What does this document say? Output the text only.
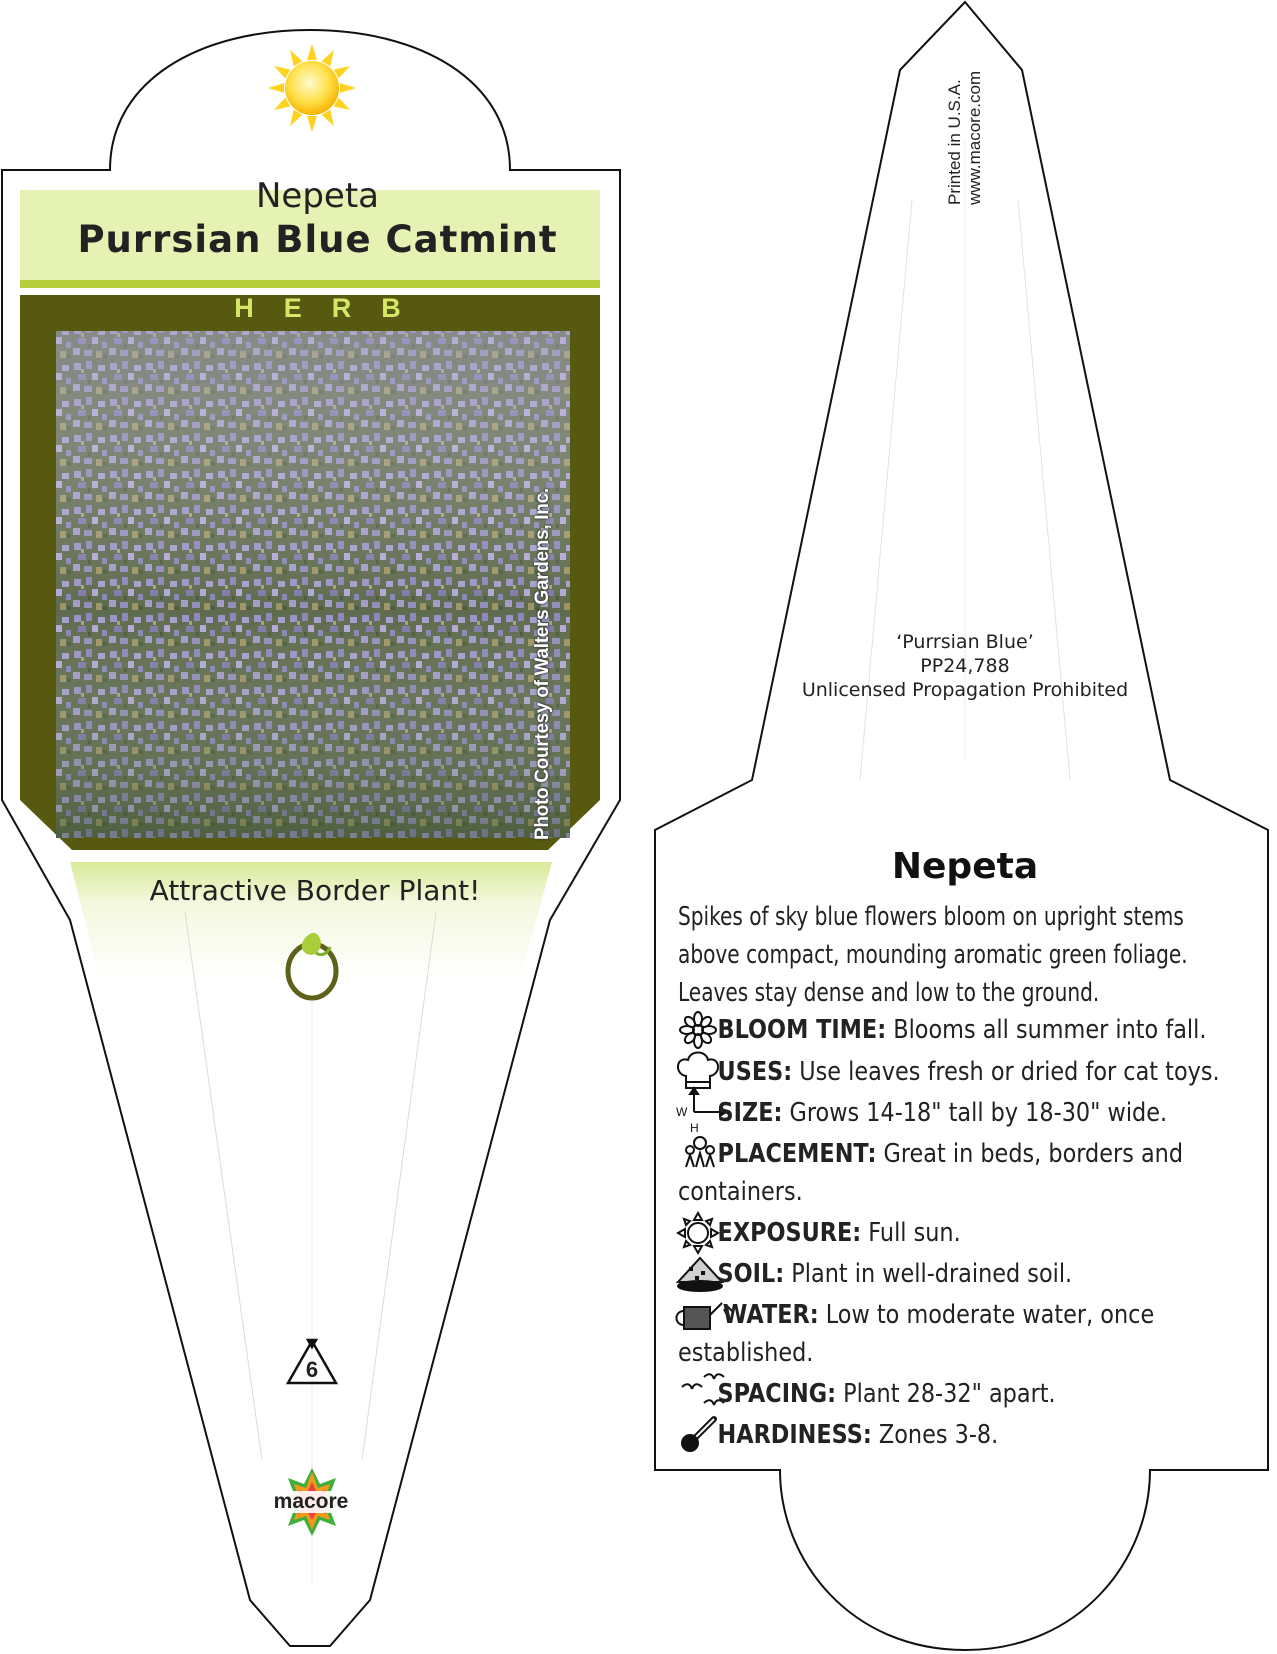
W
H
Nepeta
Purrsian Blue Catmint
HERB
Photo Courtesy of Walters Gardens, Inc.
Attractive Border Plant!
6
macore
Printed in U.S.A. www.macore.com
‘Purrsian Blue’
PP24,788
Unlicensed Propagation Prohibited
Nepeta
Spikes of sky blue flowers bloom on upright stems above compact, mounding aromatic green foliage. Leaves stay dense and low to the ground.
BLOOM TIME: Blooms all summer into fall.
USES: Use leaves fresh or dried for cat toys.
SIZE: Grows 14-18" tall by 18-30" wide.
PLACEMENT: Great in beds, borders and
containers.
EXPOSURE: Full sun.
SOIL: Plant in well-drained soil.
WATER: Low to moderate water, once
established.
SPACING: Plant 28-32" apart.
HARDINESS: Zones 3-8.
